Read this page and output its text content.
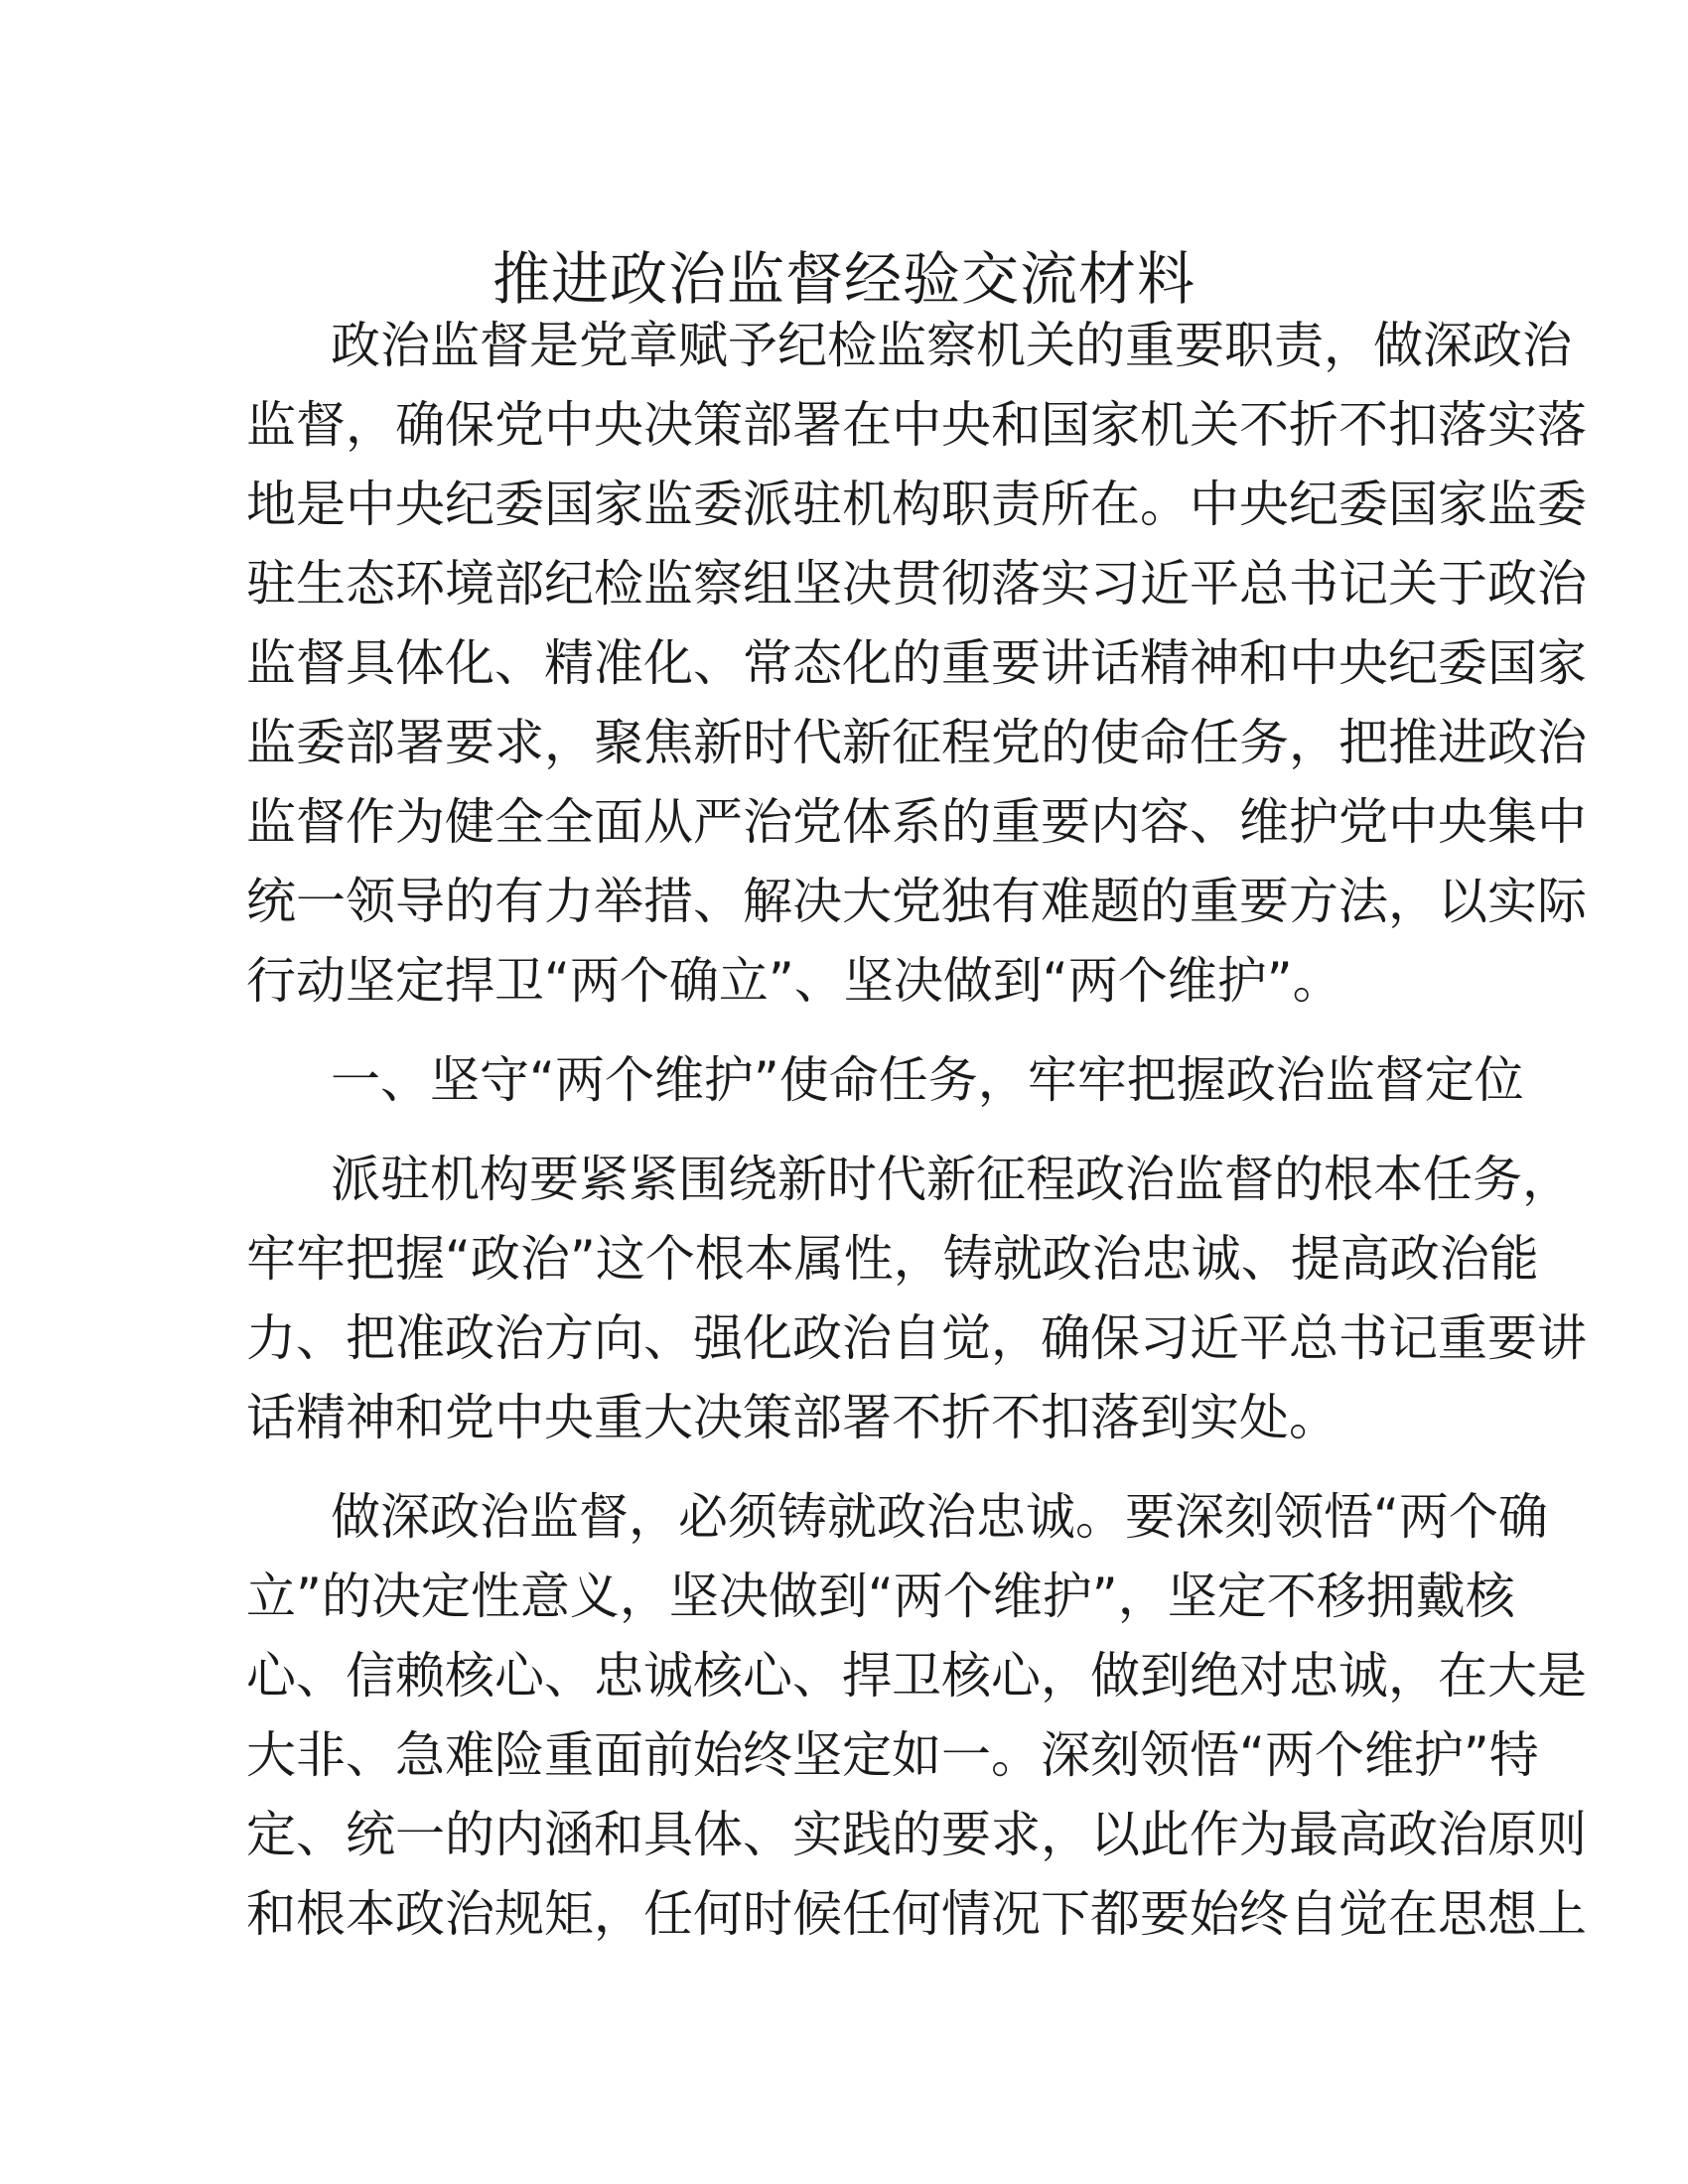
推进政治监督经验交流材料
政治监督是党章赋予纪检监察机关的重要职责，做深政治
监督，确保党中央决策部署在中央和国家机关不折不扣落实落
地是中央纪委国家监委派驻机构职责所在。中央纪委国家监委
驻生态环境部纪检监察组坚决贯彻落实习近平总书记关于政治
监督具体化、精准化、常态化的重要讲话精神和中央纪委国家
监委部署要求，聚焦新时代新征程党的使命任务，把推进政治
监督作为健全全面从严治党体系的重要内容、维护党中央集中
统一领导的有力举措、解决大党独有难题的重要方法，以实际
行动坚定捍卫“两个确立”、坚决做到“两个维护”。
一、坚守“两个维护”使命任务，牢牢把握政治监督定位
派驻机构要紧紧围绕新时代新征程政治监督的根本任务，
牢牢把握“政治”这个根本属性，铸就政治忠诚、提高政治能
力、把准政治方向、强化政治自觉，确保习近平总书记重要讲
话精神和党中央重大决策部署不折不扣落到实处。
做深政治监督，必须铸就政治忠诚。要深刻领悟“两个确
立”的决定性意义，坚决做到“两个维护”，坚定不移拥戴核
心、信赖核心、忠诚核心、捍卫核心，做到绝对忠诚，在大是
大非、急难险重面前始终坚定如一。深刻领悟“两个维护”特
定、统一的内涵和具体、实践的要求，以此作为最高政治原则
和根本政治规矩，任何时候任何情况下都要始终自觉在思想上
